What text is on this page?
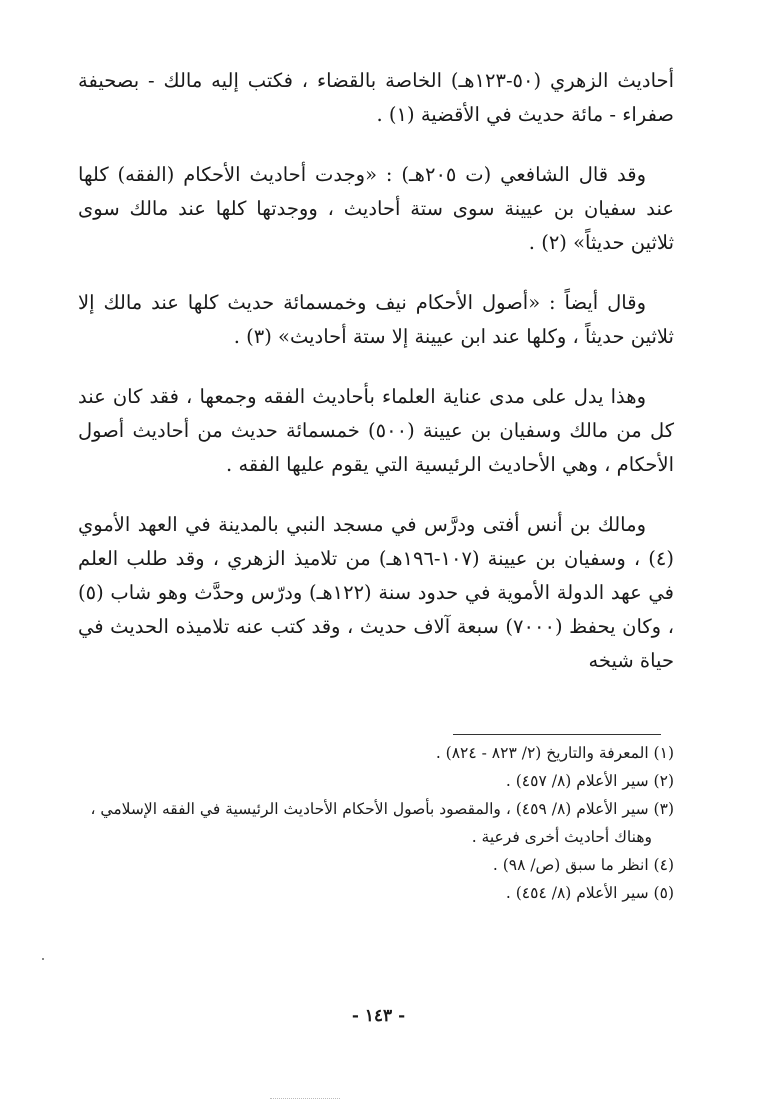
أحاديث الزهري (٥٠-١٢٣هـ) الخاصة بالقضاء ، فكتب إليه مالك - بصحيفة صفراء - مائة حديث في الأقضية (١) .

وقد قال الشافعي (ت ٢٠٥هـ) : «وجدت أحاديث الأحكام (الفقه) كلها عند سفيان بن عيينة سوى ستة أحاديث ، ووجدتها كلها عند مالك سوى ثلاثين حديثاً» (٢) .

وقال أيضاً : «أصول الأحكام نيف وخمسمائة حديث كلها عند مالك إلا ثلاثين حديثاً ، وكلها عند ابن عيينة إلا ستة أحاديث» (٣) .

وهذا يدل على مدى عناية العلماء بأحاديث الفقه وجمعها ، فقد كان عند كل من مالك وسفيان بن عيينة (٥٠٠) خمسمائة حديث من أحاديث أصول الأحكام ، وهي الأحاديث الرئيسية التي يقوم عليها الفقه .

ومالك بن أنس أفتى ودرَّس في مسجد النبي بالمدينة في العهد الأموي (٤) ، وسفيان بن عيينة (١٠٧-١٩٦هـ) من تلاميذ الزهري ، وقد طلب العلم في عهد الدولة الأموية في حدود سنة (١٢٢هـ) ودرّس وحدَّث وهو شاب (٥) ، وكان يحفظ (٧٠٠٠) سبعة آلاف حديث ، وقد كتب عنه تلاميذه الحديث في حياة شيخه

(١) المعرفة والتاريخ (٢/ ٨٢٣ - ٨٢٤) .

(٢) سير الأعلام (٨/ ٤٥٧) .

(٣) سير الأعلام (٨/ ٤٥٩) ، والمقصود بأصول الأحكام الأحاديث الرئيسية في الفقه الإسلامي ،

وهناك أحاديث أخرى فرعية .

(٤) انظر ما سبق (ص/ ٩٨) .

(٥) سير الأعلام (٨/ ٤٥٤) .

- ١٤٣ -
